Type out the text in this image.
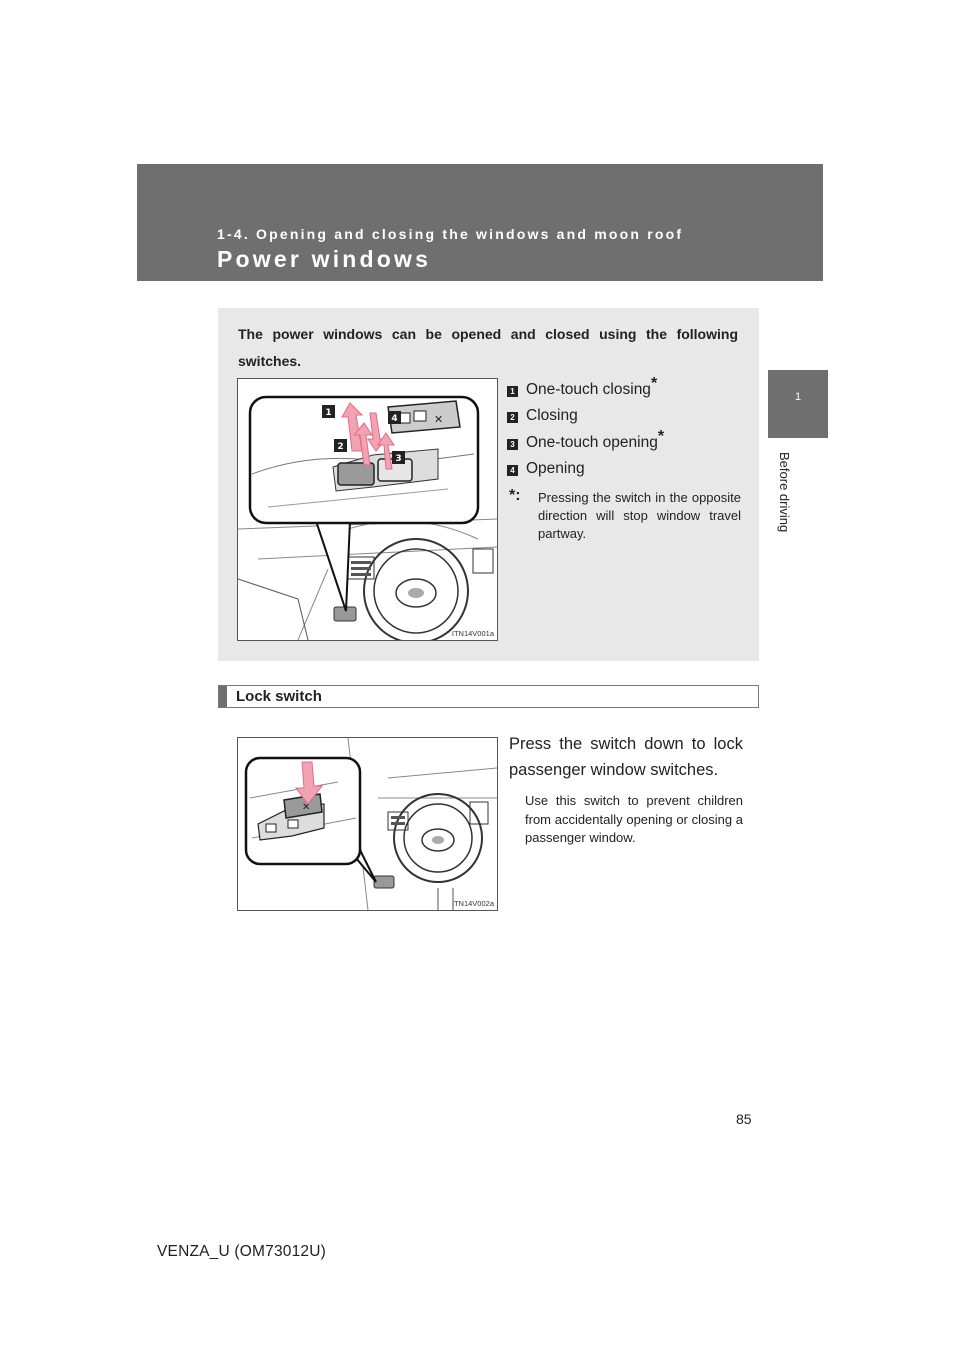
1-4. Opening and closing the windows and moon roof
Power windows
1
Before driving
The power windows can be opened and closed using the following switches.
✕
1
2
3
4
ITN14V001a
1 One-touch closing*
2 Closing
3 One-touch opening*
4 Opening
*: Pressing the switch in the opposite direction will stop window travel partway.
Lock switch
✕
ITN14V002a
Press the switch down to lock passenger window switches.
Use this switch to prevent children from accidentally opening or closing a passenger window.
85
VENZA_U (OM73012U)
